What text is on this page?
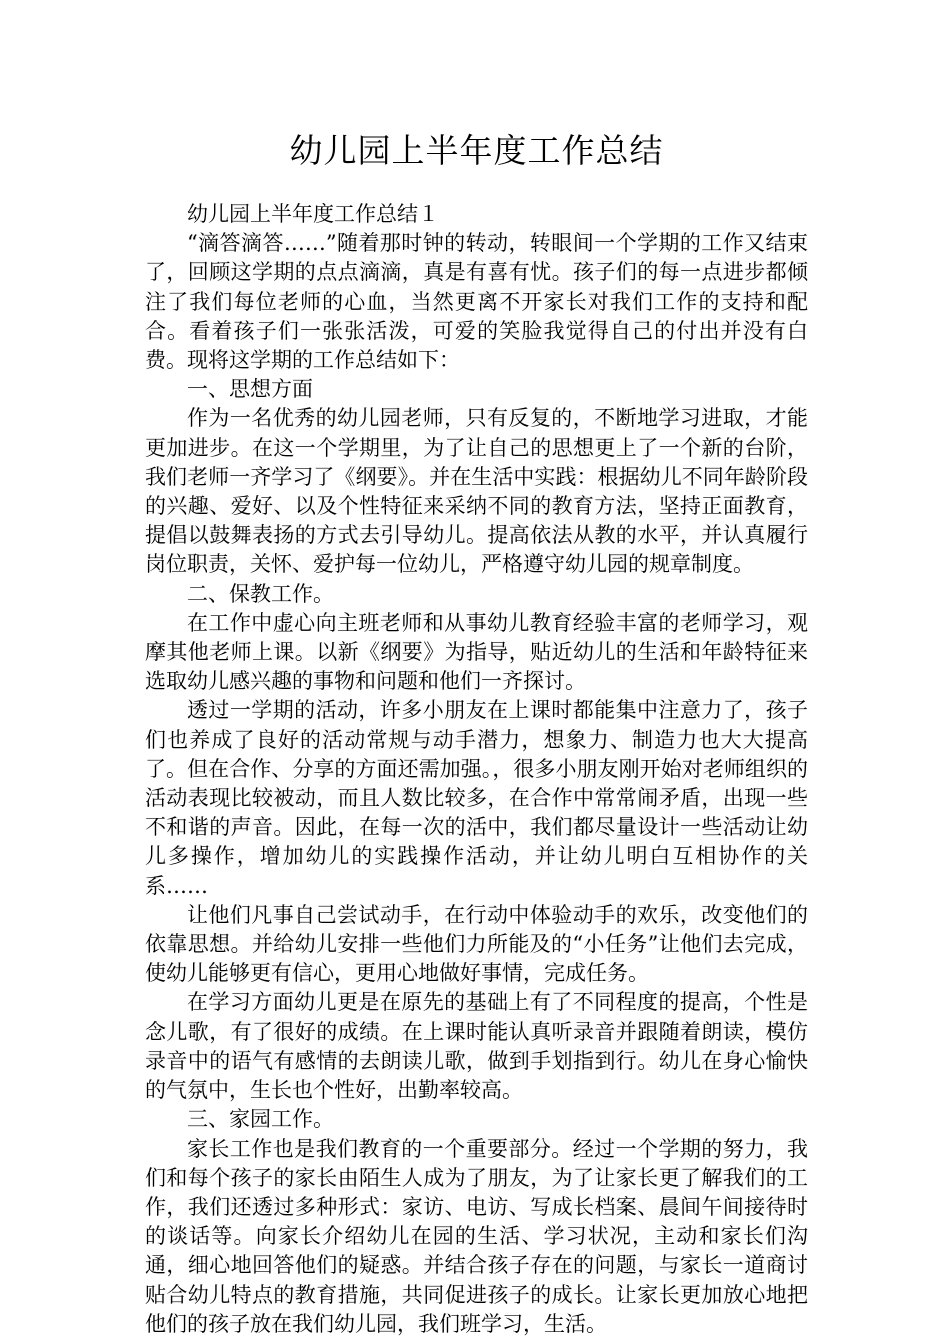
幼儿园上半年度工作总结

幼儿园上半年度工作总结１

“滴答滴答……”随着那时钟的转动，转眼间一个学期的工作又结束了，回顾这学期的点点滴滴，真是有喜有忧。孩子们的每一点进步都倾注了我们每位老师的心血，当然更离不开家长对我们工作的支持和配合。看着孩子们一张张活泼，可爱的笑脸我觉得自己的付出并没有白费。现将这学期的工作总结如下：

一、思想方面

作为一名优秀的幼儿园老师，只有反复的，不断地学习进取，才能更加进步。在这一个学期里，为了让自己的思想更上了一个新的台阶，我们老师一齐学习了《纲要》。并在生活中实践：根据幼儿不同年龄阶段的兴趣、爱好、以及个性特征来采纳不同的教育方法，坚持正面教育，提倡以鼓舞表扬的方式去引导幼儿。提高依法从教的水平，并认真履行岗位职责，关怀、爱护每一位幼儿，严格遵守幼儿园的规章制度。

二、保教工作。

在工作中虚心向主班老师和从事幼儿教育经验丰富的老师学习，观摩其他老师上课。以新《纲要》为指导，贴近幼儿的生活和年龄特征来选取幼儿感兴趣的事物和问题和他们一齐探讨。

透过一学期的活动，许多小朋友在上课时都能集中注意力了，孩子们也养成了良好的活动常规与动手潜力，想象力、制造力也大大提高了。但在合作、分享的方面还需加强。，很多小朋友刚开始对老师组织的活动表现比较被动，而且人数比较多，在合作中常常闹矛盾，出现一些不和谐的声音。因此，在每一次的活中，我们都尽量设计一些活动让幼儿多操作，增加幼儿的实践操作活动，并让幼儿明白互相协作的关系……

让他们凡事自己尝试动手，在行动中体验动手的欢乐，改变他们的依靠思想。并给幼儿安排一些他们力所能及的“小任务”让他们去完成，使幼儿能够更有信心，更用心地做好事情，完成任务。

在学习方面幼儿更是在原先的基础上有了不同程度的提高，个性是念儿歌，有了很好的成绩。在上课时能认真听录音并跟随着朗读，模仿录音中的语气有感情的去朗读儿歌，做到手划指到行。幼儿在身心愉快的气氛中，生长也个性好，出勤率较高。

三、家园工作。

家长工作也是我们教育的一个重要部分。经过一个学期的努力，我们和每个孩子的家长由陌生人成为了朋友，为了让家长更了解我们的工作，我们还透过多种形式：家访、电访、写成长档案、晨间午间接待时的谈话等。向家长介绍幼儿在园的生活、学习状况，主动和家长们沟通，细心地回答他们的疑惑。并结合孩子存在的问题，与家长一道商讨贴合幼儿特点的教育措施，共同促进孩子的成长。让家长更加放心地把他们的孩子放在我们幼儿园，我们班学习，生活。
